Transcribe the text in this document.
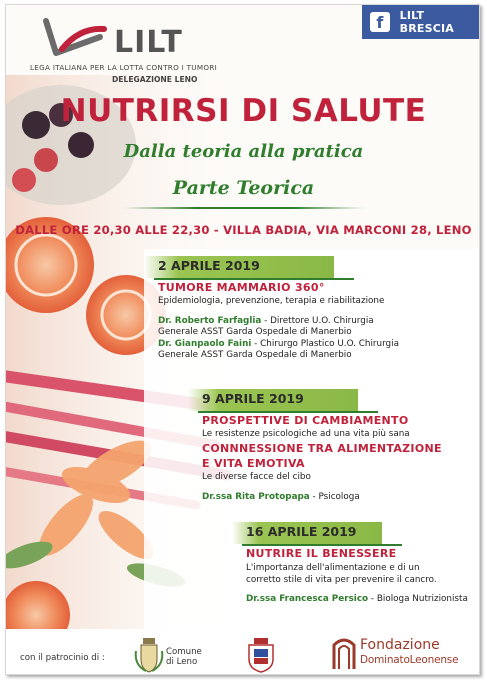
LILT
LEGA ITALIANA PER LA LOTTA CONTRO I TUMORI
DELEGAZIONE LENO
f	LILT BRESCIA
NUTRIRSI DI SALUTE
Dalla teoria alla pratica
Parte Teorica
DALLE ORE 20,30 ALLE 22,30 - VILLA BADIA, VIA MARCONI 28, LENO
2 APRILE 2019
TUMORE MAMMARIO 360°
Epidemiologia, prevenzione, terapia e riabilitazione
Dr. Roberto Farfaglia - Direttore U.O. Chirurgia
Generale ASST Garda Ospedale di Manerbio
Dr. Gianpaolo Faini - Chirurgo Plastico U.O. Chirurgia
Generale ASST Garda Ospedale di Manerbio
9 APRILE 2019
PROSPETTIVE DI CAMBIAMENTO
Le resistenze psicologiche ad una vita più sana
CONNNESSIONE TRA ALIMENTAZIONE
E VITA EMOTIVA
Le diverse facce del cibo
Dr.ssa Rita Protopapa - Psicologa
16 APRILE 2019
NUTRIRE IL BENESSERE
L'importanza dell'alimentazione e di un
corretto stile di vita per prevenire il cancro.
Dr.ssa Francesca Persico - Biologa Nutrizionista
con il patrocinio di :
Comune
di Leno
Fondazione
DominatoLeonense
